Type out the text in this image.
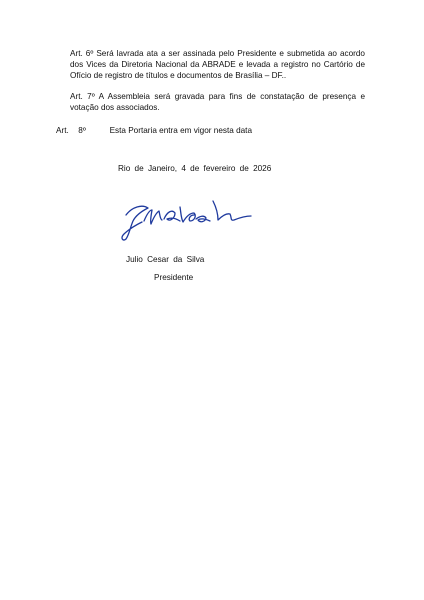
Art. 6º Será lavrada ata a ser assinada pelo Presidente e submetida ao acordo dos Vices da Diretoria Nacional da ABRADE e levada a registro no Cartório de Ofício de registro de títulos e documentos de Brasília – DF..

Art. 7º A Assembleia será gravada para fins de constatação de presença e votação dos associados.

Art. 8º	Esta Portaria entra em vigor nesta data
Rio de Janeiro, 4 de fevereiro de 2026
Julio Cesar da Silva
Presidente
